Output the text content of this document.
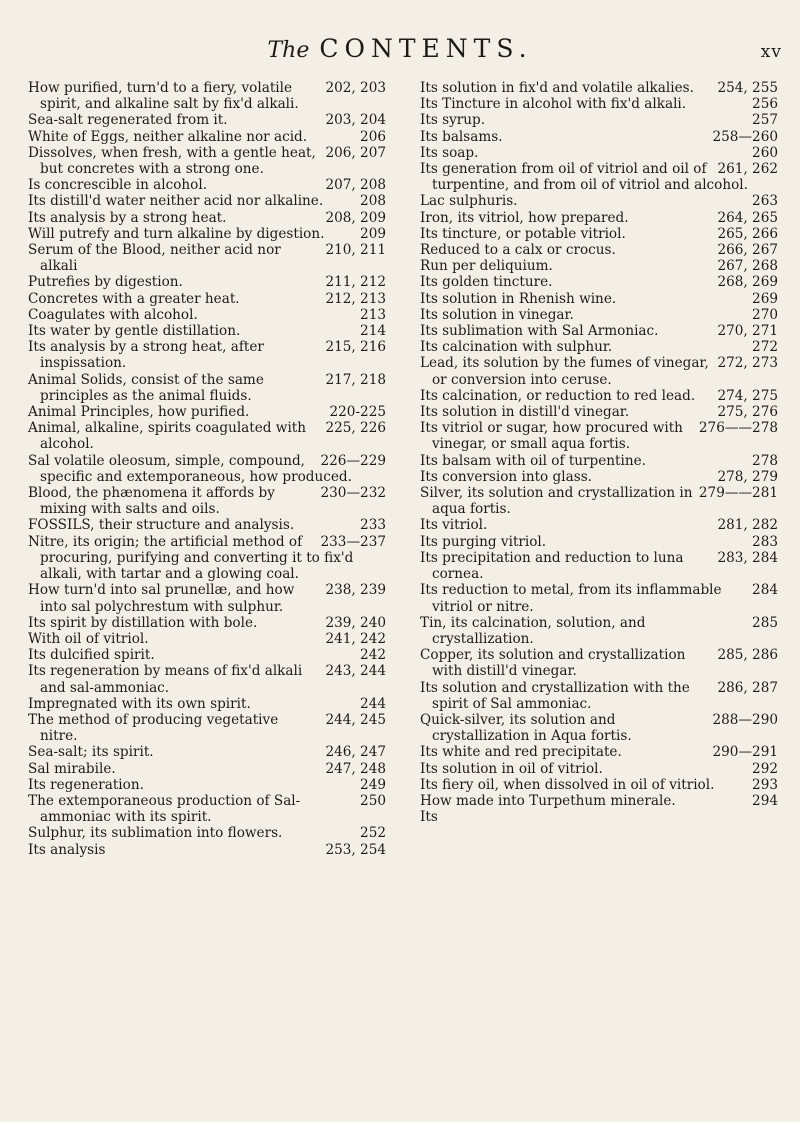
The CONTENTS.	xv

202, 203
How purified, turn'd to a fiery, volatile spirit, and alkaline salt by fix'd alkali.

203, 204
Sea-salt regenerated from it.

206
White of Eggs, neither alkaline nor acid.

206, 207
Dissolves, when fresh, with a gentle heat, but concretes with a strong one.

207, 208
Is concrescible in alcohol.

208
Its distill'd water neither acid nor alkaline.

208, 209
Its analysis by a strong heat.

209
Will putrefy and turn alkaline by digestion.

210, 211
Serum of the Blood, neither acid nor alkali

211, 212
Putrefies by digestion.

212, 213
Concretes with a greater heat.

213
Coagulates with alcohol.

214
Its water by gentle distillation.

215, 216
Its analysis by a strong heat, after inspissation.

217, 218
Animal Solids, consist of the same principles as the animal fluids.

220-225
Animal Principles, how purified.

225, 226
Animal, alkaline, spirits coagulated with alcohol.

226—229
Sal volatile oleosum, simple, compound, specific and extemporaneous, how produced.

230—232
Blood, the phænomena it affords by mixing with salts and oils.

233
FOSSILS, their structure and analysis.

233—237
Nitre, its origin; the artificial method of procuring, purifying and converting it to fix'd alkali, with tartar and a glowing coal.

238, 239
How turn'd into sal prunellæ, and how into sal polychrestum with sulphur.

239, 240
Its spirit by distillation with bole.

241, 242
With oil of vitriol.

242
Its dulcified spirit.

243, 244
Its regeneration by means of fix'd alkali and sal-ammoniac.

244
Impregnated with its own spirit.

244, 245
The method of producing vegetative nitre.

246, 247
Sea-salt; its spirit.

247, 248
Sal mirabile.

249
Its regeneration.

250
The extemporaneous production of Sal-ammoniac with its spirit.

252
Sulphur, its sublimation into flowers.

253, 254
Its analysis

254, 255
Its solution in fix'd and volatile alkalies.

256
Its Tincture in alcohol with fix'd alkali.

257
Its syrup.

258—260
Its balsams.

260
Its soap.

261, 262
Its generation from oil of vitriol and oil of turpentine, and from oil of vitriol and alcohol.

263
Lac sulphuris.

264, 265
Iron, its vitriol, how prepared.

265, 266
Its tincture, or potable vitriol.

266, 267
Reduced to a calx or crocus.

267, 268
Run per deliquium.

268, 269
Its golden tincture.

269
Its solution in Rhenish wine.

270
Its solution in vinegar.

270, 271
Its sublimation with Sal Armoniac.

272
Its calcination with sulphur.

272, 273
Lead, its solution by the fumes of vinegar, or conversion into ceruse.

274, 275
Its calcination, or reduction to red lead.

275, 276
Its solution in distill'd vinegar.

276——278
Its vitriol or sugar, how procured with vinegar, or small aqua fortis.

278
Its balsam with oil of turpentine.

278, 279
Its conversion into glass.

279——281
Silver, its solution and crystallization in aqua fortis.

281, 282
Its vitriol.

283
Its purging vitriol.

283, 284
Its precipitation and reduction to luna cornea.

284
Its reduction to metal, from its inflammable vitriol or nitre.

285
Tin, its calcination, solution, and crystallization.

285, 286
Copper, its solution and crystallization with distill'd vinegar.

286, 287
Its solution and crystallization with the spirit of Sal ammoniac.

288—290
Quick-silver, its solution and crystallization in Aqua fortis.

290—291
Its white and red precipitate.

292
Its solution in oil of vitriol.

293
Its fiery oil, when dissolved in oil of vitriol.

294
How made into Turpethum minerale.

Its
